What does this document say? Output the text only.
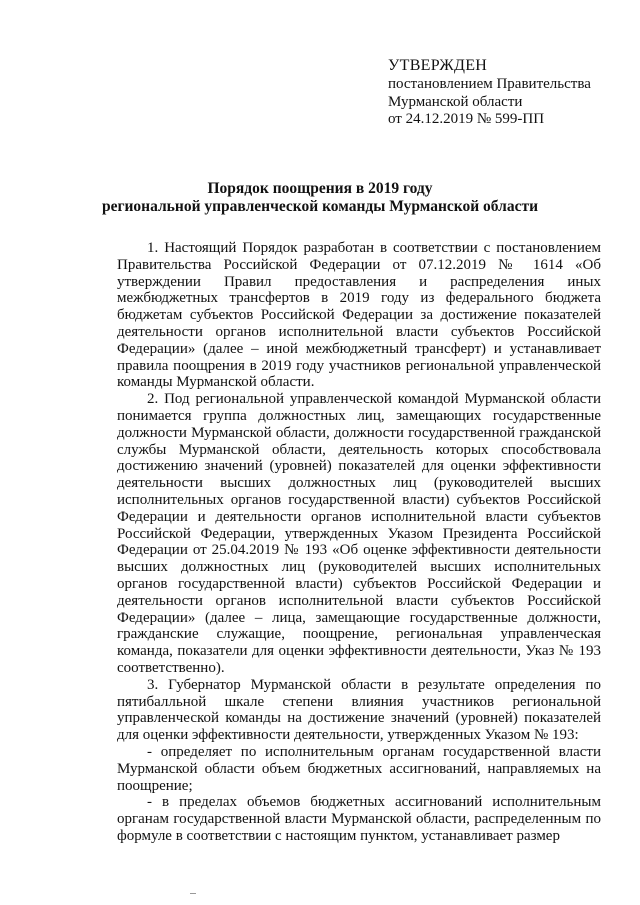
УТВЕРЖДЕН
постановлением Правительства
Мурманской области
от 24.12.2019 № 599-ПП
Порядок поощрения в 2019 году
региональной управленческой команды Мурманской области

1. Настоящий Порядок разработан в соответствии с постановлением Правительства Российской Федерации от 07.12.2019 № 1614 «Об утверждении Правил предоставления и распределения иных межбюджетных трансфертов в 2019 году из федерального бюджета бюджетам субъектов Российской Федерации за достижение показателей деятельности органов исполнительной власти субъектов Российской Федерации» (далее – иной межбюджетный трансферт) и устанавливает правила поощрения в 2019 году участников региональной управленческой команды Мурманской области.

2. Под региональной управленческой командой Мурманской области понимается группа должностных лиц, замещающих государственные должности Мурманской области, должности государственной гражданской службы Мурманской области, деятельность которых способствовала достижению значений (уровней) показателей для оценки эффективности деятельности высших должностных лиц (руководителей высших исполнительных органов государственной власти) субъектов Российской Федерации и деятельности органов исполнительной власти субъектов Российской Федерации, утвержденных Указом Президента Российской Федерации от 25.04.2019 № 193 «Об оценке эффективности деятельности высших должностных лиц (руководителей высших исполнительных органов государственной власти) субъектов Российской Федерации и деятельности органов исполнительной власти субъектов Российской Федерации» (далее – лица, замещающие государственные должности, гражданские служащие, поощрение, региональная управленческая команда, показатели для оценки эффективности деятельности, Указ № 193 соответственно).

3. Губернатор Мурманской области в результате определения по пятибалльной шкале степени влияния участников региональной управленческой команды на достижение значений (уровней) показателей для оценки эффективности деятельности, утвержденных Указом № 193:

- определяет по исполнительным органам государственной власти Мурманской области объем бюджетных ассигнований, направляемых на поощрение;

- в пределах объемов бюджетных ассигнований исполнительным органам государственной власти Мурманской области, распределенным по формуле в соответствии с настоящим пунктом, устанавливает размер
